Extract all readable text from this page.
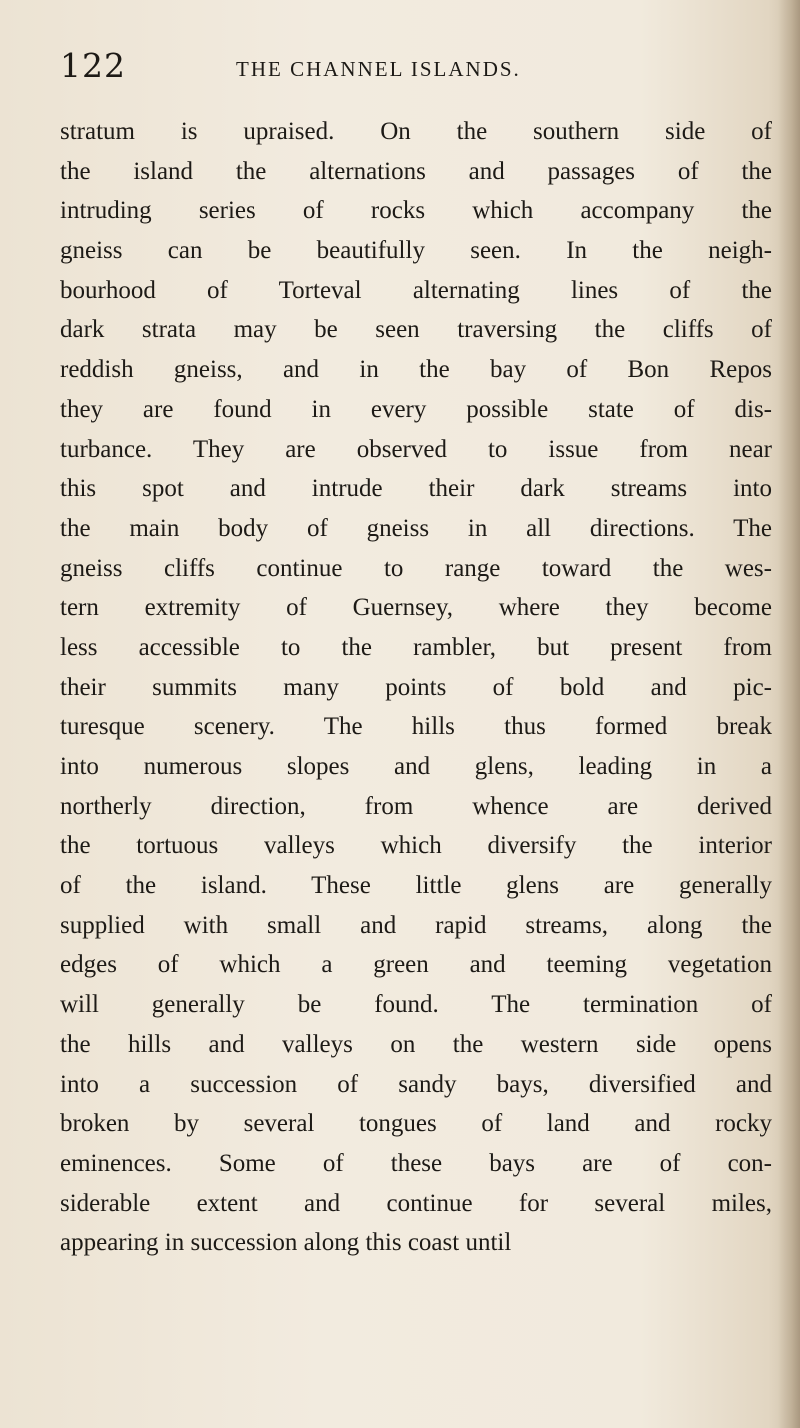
122	THE CHANNEL ISLANDS.
stratum is upraised. On the southern side of
the island the alternations and passages of the
intruding series of rocks which accompany the
gneiss can be beautifully seen. In the neigh-
bourhood of Torteval alternating lines of the
dark strata may be seen traversing the cliffs of
reddish gneiss, and in the bay of Bon Repos
they are found in every possible state of dis-
turbance. They are observed to issue from near
this spot and intrude their dark streams into
the main body of gneiss in all directions. The
gneiss cliffs continue to range toward the wes-
tern extremity of Guernsey, where they become
less accessible to the rambler, but present from
their summits many points of bold and pic-
turesque scenery. The hills thus formed break
into numerous slopes and glens, leading in a
northerly direction, from whence are derived
the tortuous valleys which diversify the interior
of the island. These little glens are generally
supplied with small and rapid streams, along the
edges of which a green and teeming vegetation
will generally be found. The termination of
the hills and valleys on the western side opens
into a succession of sandy bays, diversified and
broken by several tongues of land and rocky
eminences. Some of these bays are of con-
siderable extent and continue for several miles,
appearing in succession along this coast until
